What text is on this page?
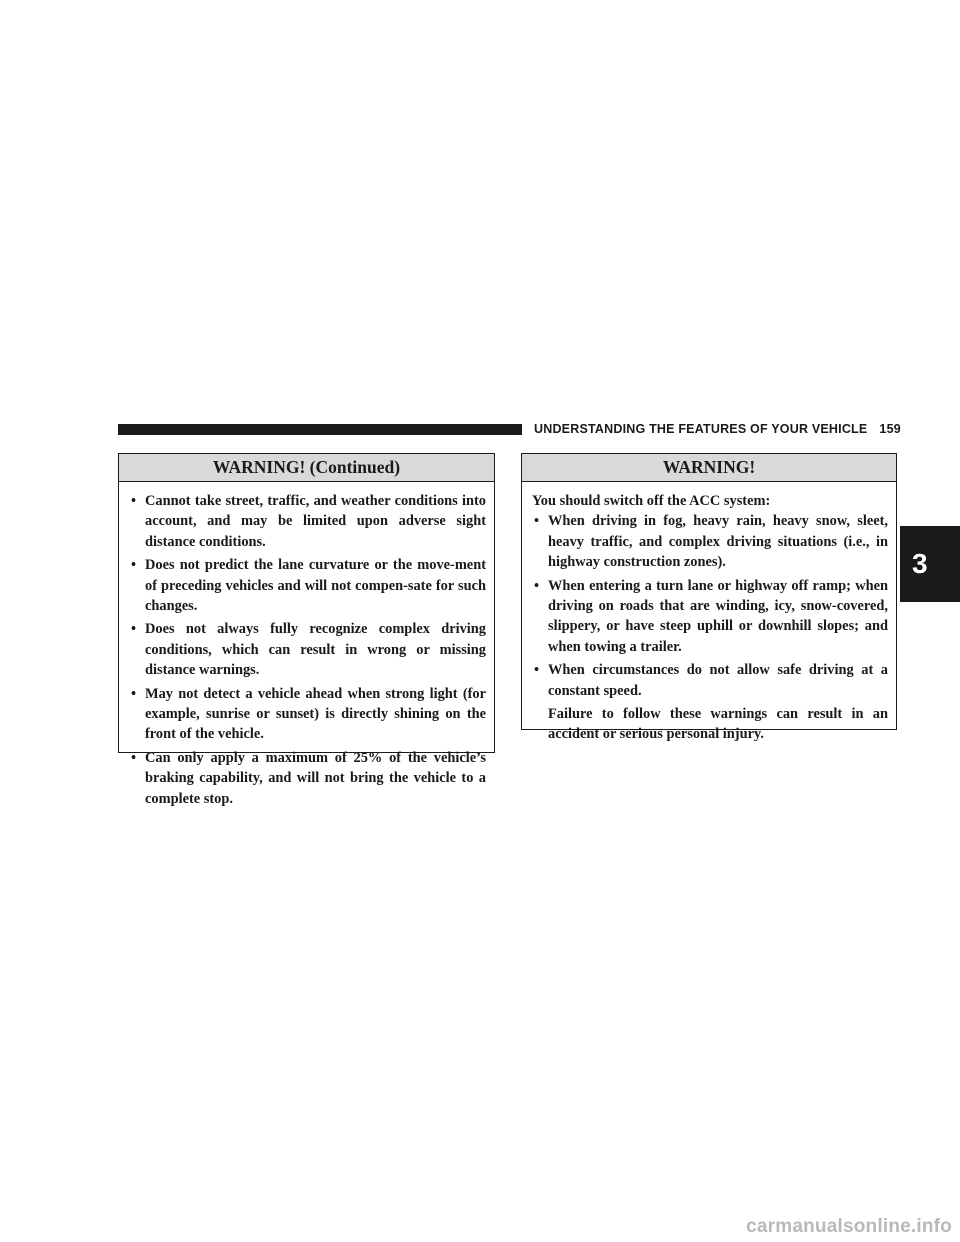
UNDERSTANDING THE FEATURES OF YOUR VEHICLE 159
WARNING! (Continued)
• Cannot take street, traffic, and weather conditions into account, and may be limited upon adverse sight distance conditions.
• Does not predict the lane curvature or the move-ment of preceding vehicles and will not compen-sate for such changes.
• Does not always fully recognize complex driving conditions, which can result in wrong or missing distance warnings.
• May not detect a vehicle ahead when strong light (for example, sunrise or sunset) is directly shining on the front of the vehicle.
• Can only apply a maximum of 25% of the vehicle’s braking capability, and will not bring the vehicle to a complete stop.
WARNING!

You should switch off the ACC system:

• When driving in fog, heavy rain, heavy snow, sleet, heavy traffic, and complex driving situations (i.e., in highway construction zones).
• When entering a turn lane or highway off ramp; when driving on roads that are winding, icy, snow-covered, slippery, or have steep uphill or downhill slopes; and when towing a trailer.
• When circumstances do not allow safe driving at a constant speed.

Failure to follow these warnings can result in an accident or serious personal injury.

3
carmanualsonline.info
